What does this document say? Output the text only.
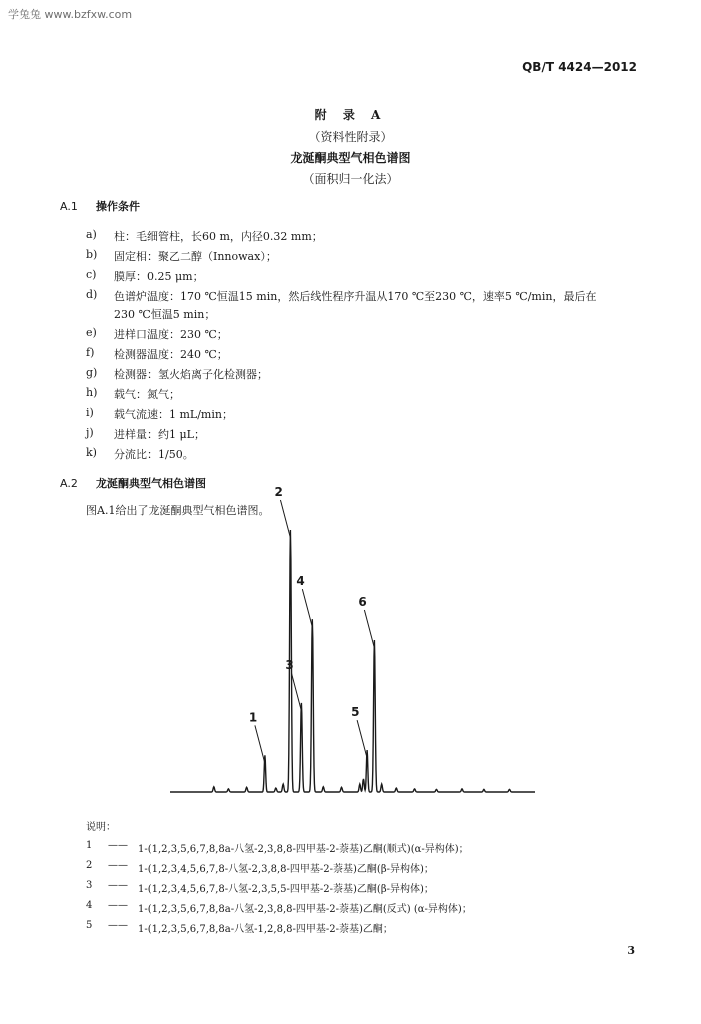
学兔兔 www.bzfxw.com
QB/T 4424—2012
附 录 A
（资料性附录）
龙涎酮典型气相色谱图
（面积归一化法）
A.1 操作条件
a) 柱：毛细管柱，长60 m，内径0.32 mm；
b) 固定相：聚乙二醇（Innowax）；
c) 膜厚：0.25 μm；
d) 色谱炉温度：170 ℃恒温15 min，然后线性程序升温从170 ℃至230 ℃，速率5 ℃/min，最后在
230 ℃恒温5 min；
e) 进样口温度：230 ℃；
f) 检测器温度：240 ℃；
g) 检测器：氢火焰离子化检测器；
h) 载气：氮气；
i) 载气流速：1 mL/min；
j) 进样量：约1 μL；
k) 分流比：1/50。
A.2 龙涎酮典型气相色谱图
图A.1给出了龙涎酮典型气相色谱图。
1
2
3
4
5
6
说明：
1 —— 1-(1,2,3,5,6,7,8,8a-八氢-2,3,8,8-四甲基-2-萘基)乙酮(顺式)(α-异构体)；
2 —— 1-(1,2,3,4,5,6,7,8-八氢-2,3,8,8-四甲基-2-萘基)乙酮(β-异构体)；
3 —— 1-(1,2,3,4,5,6,7,8-八氢-2,3,5,5-四甲基-2-萘基)乙酮(β-异构体)；
4 —— 1-(1,2,3,5,6,7,8,8a-八氢-2,3,8,8-四甲基-2-萘基)乙酮(反式) (α-异构体)；
5 —— 1-(1,2,3,5,6,7,8,8a-八氢-1,2,8,8-四甲基-2-萘基)乙酮；
3
